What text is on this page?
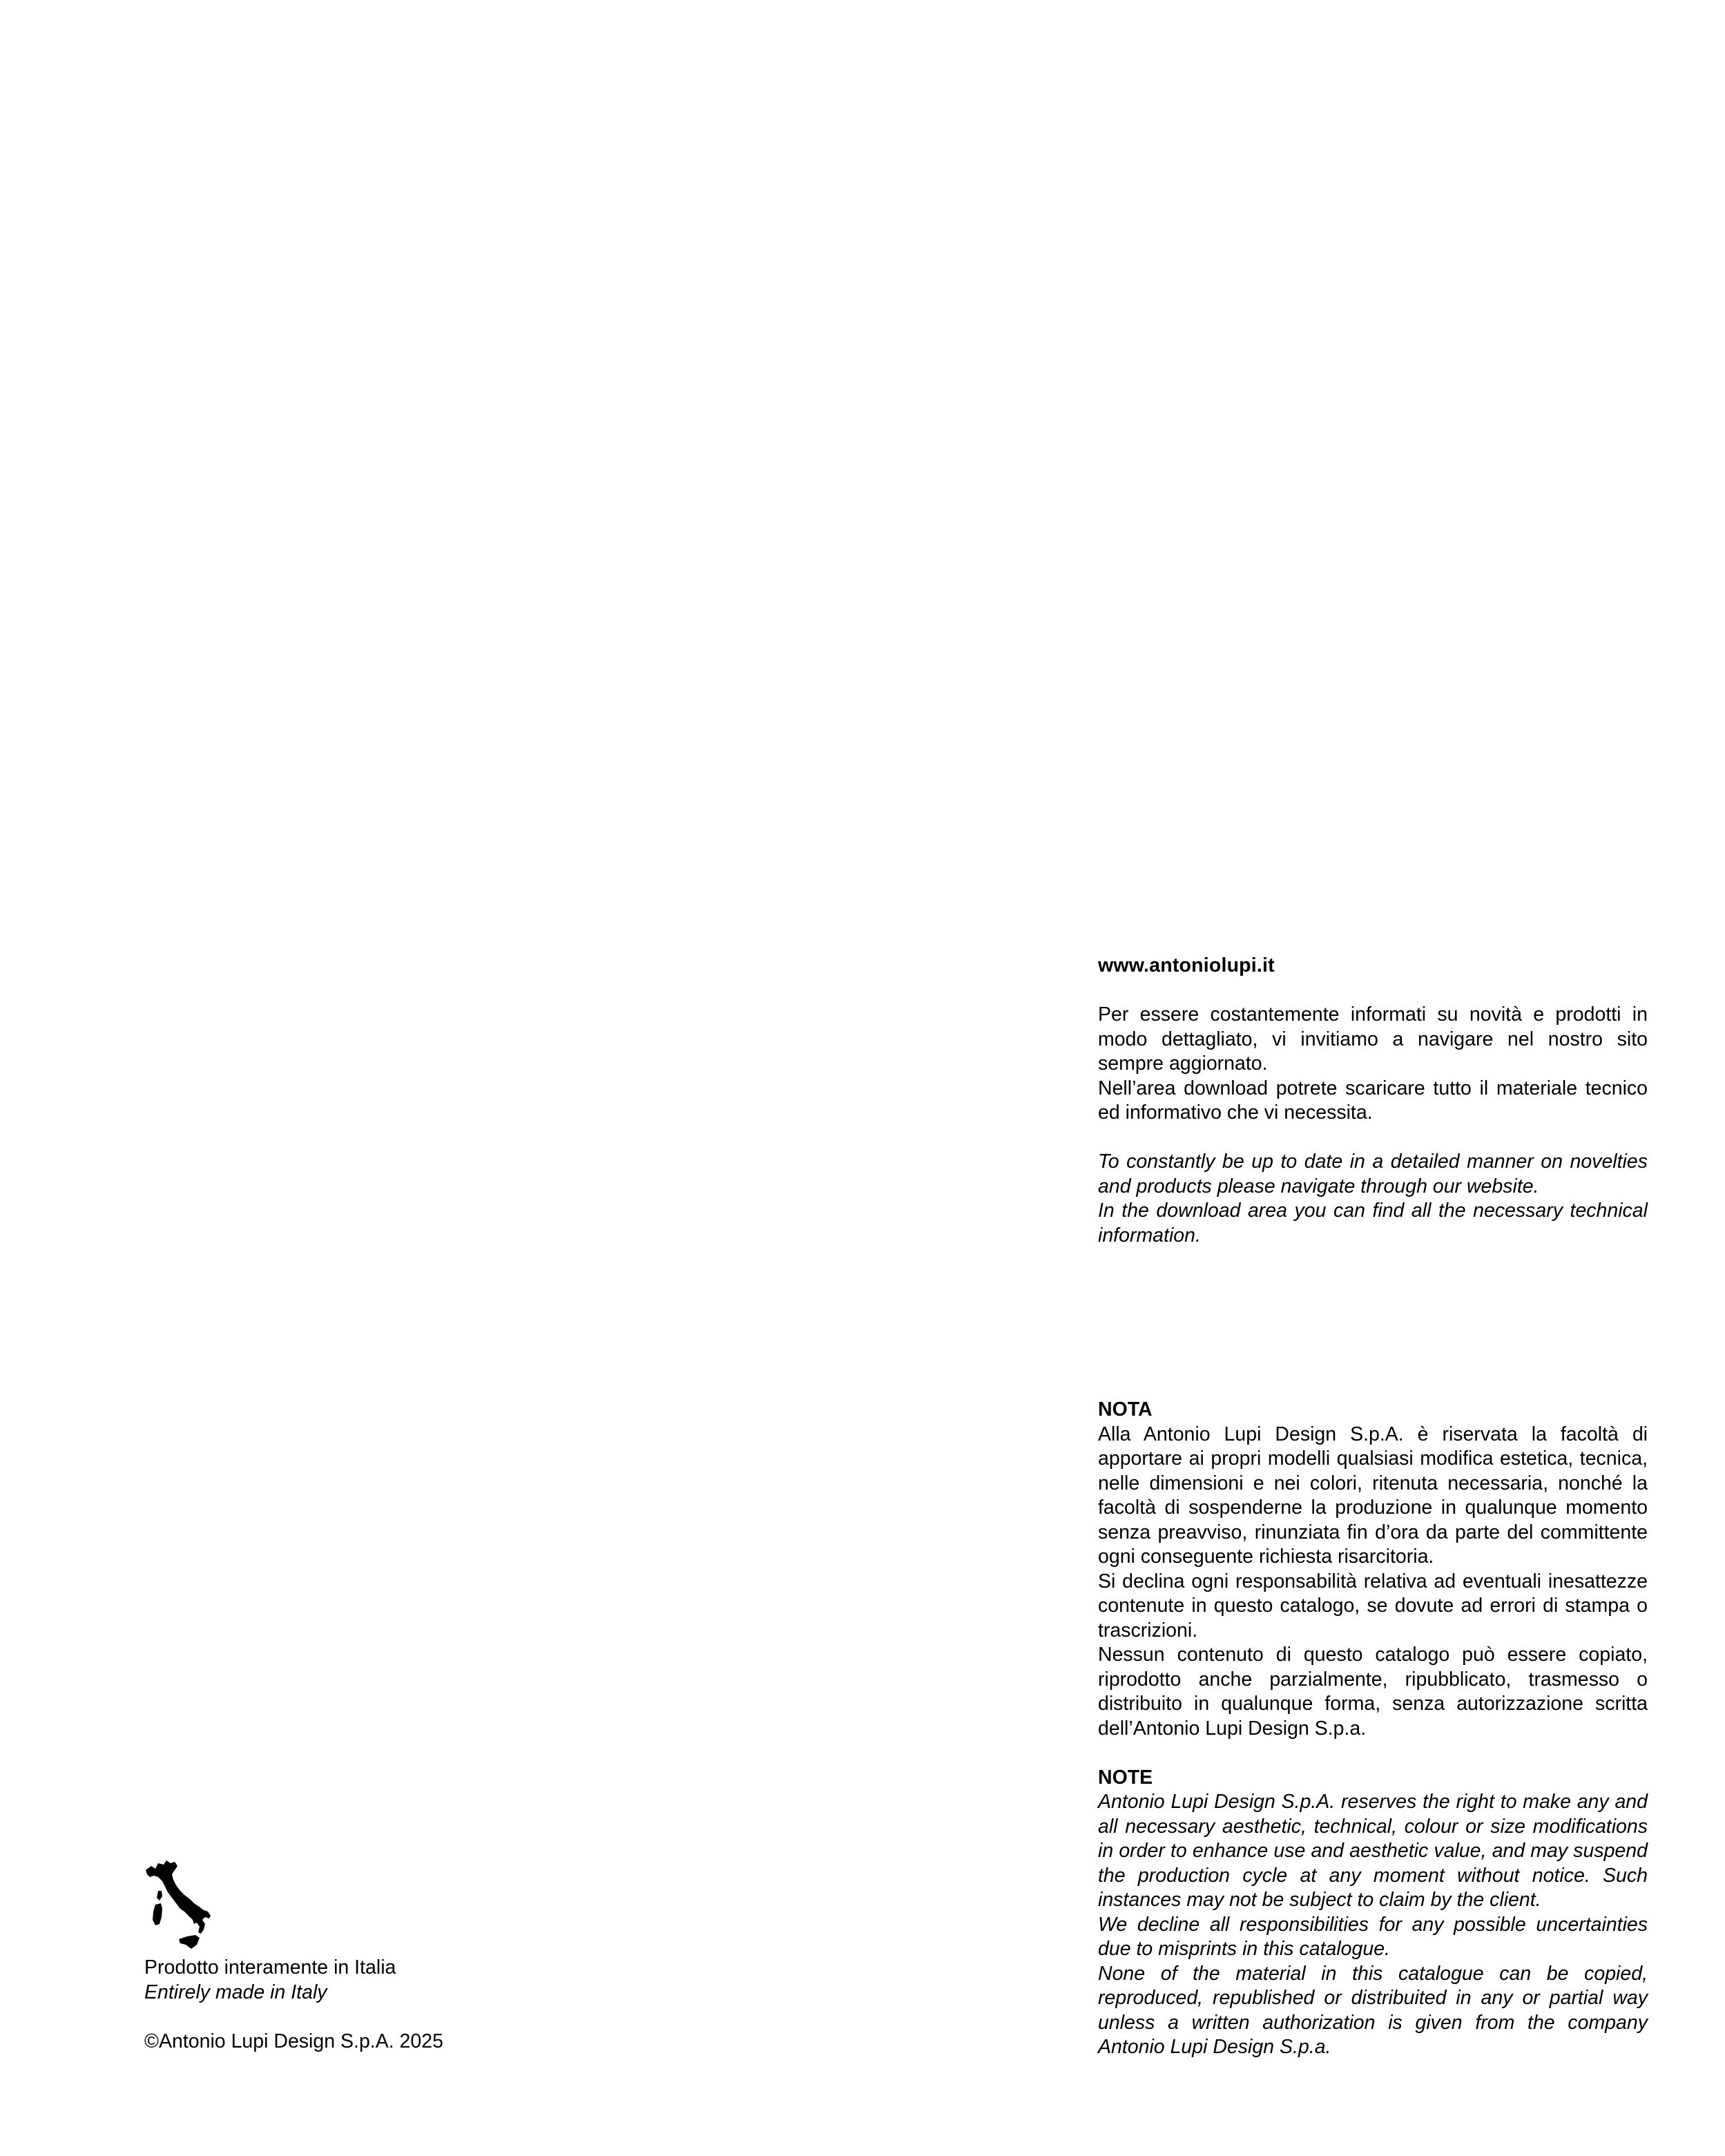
www.antoniolupi.it

Per essere costantemente informati su novità e prodotti in modo dettagliato, vi invitiamo a navigare nel nostro sito sempre aggiornato.

Nell’area download potrete scaricare tutto il materiale tecnico ed informativo che vi necessita.

To constantly be up to date in a detailed manner on novelties and products please navigate through our website.

In the download area you can find all the necessary technical information.

NOTA

Alla Antonio Lupi Design S.p.A. è riservata la facoltà di apportare ai propri modelli qualsiasi modifica estetica, tecnica, nelle dimensioni e nei colori, ritenuta necessaria, nonché la facoltà di sospenderne la produzione in qualunque momento senza preavviso, rinunziata fin d’ora da parte del committente ogni conseguente richiesta risarcitoria.

Si declina ogni responsabilità relativa ad eventuali inesattezze contenute in questo catalogo, se dovute ad errori di stampa o trascrizioni.

Nessun contenuto di questo catalogo può essere copiato, riprodotto anche parzialmente, ripubblicato, trasmesso o distribuito in qualunque forma, senza autorizzazione scritta dell’Antonio Lupi Design S.p.a.

NOTE

Antonio Lupi Design S.p.A. reserves the right to make any and all necessary aesthetic, technical, colour or size modifications in order to enhance use and aesthetic value, and may suspend the production cycle at any moment without notice. Such instances may not be subject to claim by the client.

We decline all responsibilities for any possible uncertainties due to misprints in this catalogue.

None of the material in this catalogue can be copied, reproduced, republished or distribuited in any or partial way unless a written authorization is given from the company Antonio Lupi Design S.p.a.

Prodotto interamente in Italia

Entirely made in Italy

©Antonio Lupi Design S.p.A. 2025
